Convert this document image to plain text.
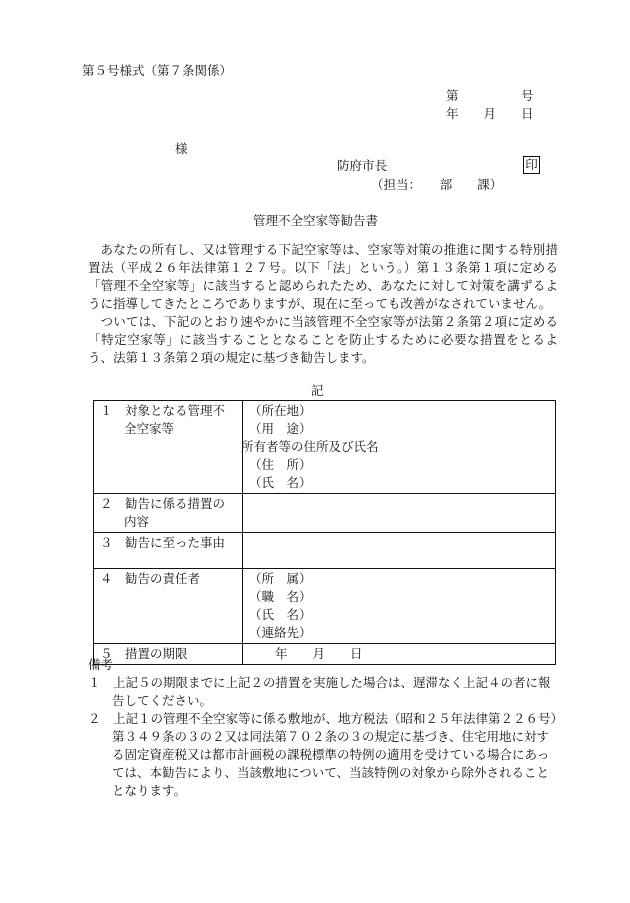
第５号様式（第７条関係）
第　　　　　号
年　　月　　日
様
防府市長	印
（担当：　　部　　課）
管理不全空家等勧告書

あなたの所有し、又は管理する下記空家等は、空家等対策の推進に関する特別措置法（平成２６年法律第１２７号。以下「法」という。）第１３条第１項に定める「管理不全空家等」に該当すると認められたため、あなたに対して対策を講ずるように指導してきたところでありますが、現在に至っても改善がなされていません。

ついては、下記のとおり速やかに当該管理不全空家等が法第２条第２項に定める「特定空家等」に該当することとなることを防止するために必要な措置をとるよう、法第１３条第２項の規定に基づき勧告します。

記
１　対象となる管理不全空家等	（所在地）
（用　途）
所有者等の住所及び氏名
（住　所）
（氏　名）

２　勧告に係る措置の内容	

３　勧告に至った事由	

４　勧告の責任者	（所　属）
（職　名）
（氏　名）
（連絡先）

５　措置の期限	年　　月　　日
備考
１　上記５の期限までに上記２の措置を実施した場合は、遅滞なく上記４の者に報告してください。
２　上記１の管理不全空家等に係る敷地が、地方税法（昭和２５年法律第２２６号）第３４９条の３の２又は同法第７０２条の３の規定に基づき、住宅用地に対する固定資産税又は都市計画税の課税標準の特例の適用を受けている場合にあっては、本勧告により、当該敷地について、当該特例の対象から除外されることとなります。
